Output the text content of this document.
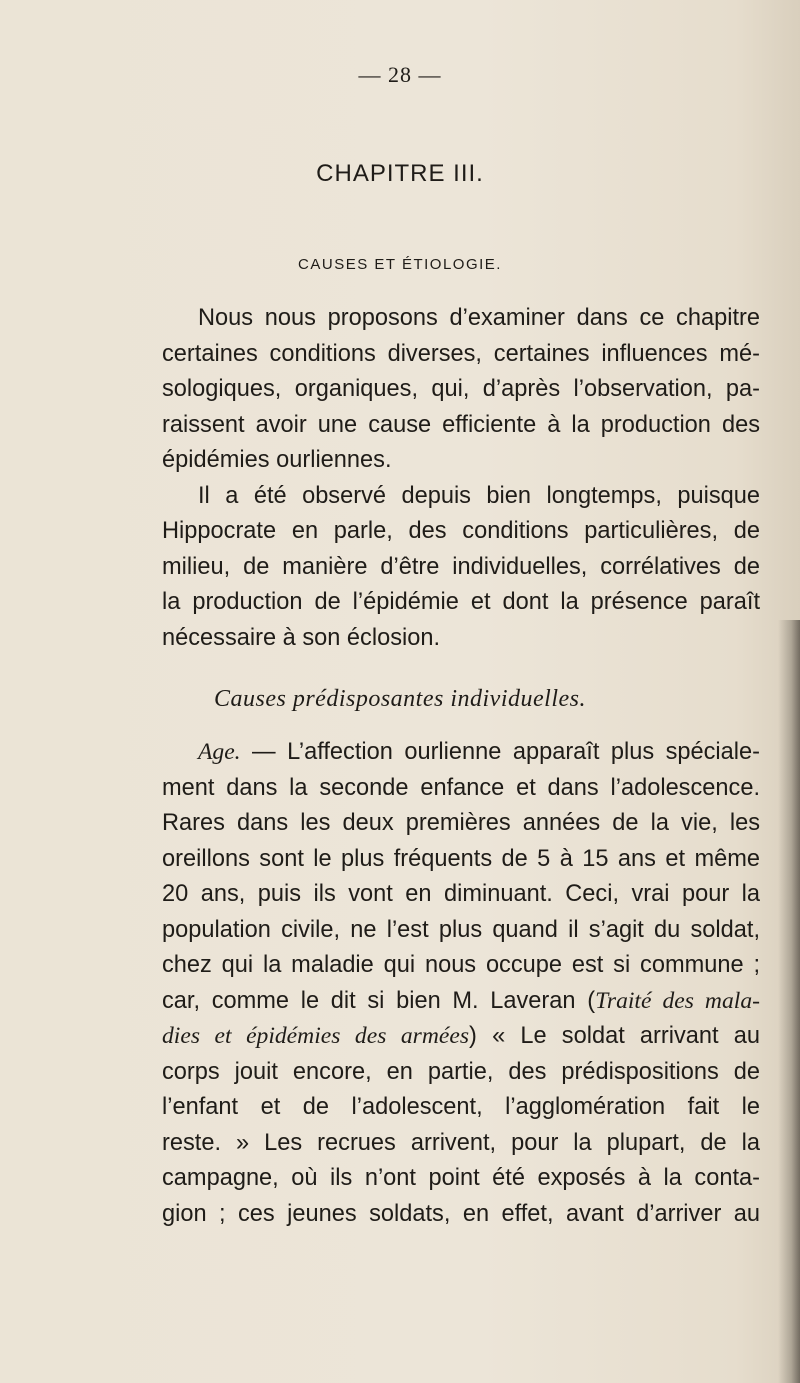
— 28 —
CHAPITRE III.
CAUSES ET ÉTIOLOGIE.
Nous nous proposons d’examiner dans ce chapitre
certaines conditions diverses, certaines influences mé-
sologiques, organiques, qui, d’après l’observation, pa-
raissent avoir une cause efficiente à la production des
épidémies ourliennes.
Il a été observé depuis bien longtemps, puisque
Hippocrate en parle, des conditions particulières, de
milieu, de manière d’être individuelles, corrélatives de
la production de l’épidémie et dont la présence paraît
nécessaire à son éclosion.
Age. — L’affection ourlienne apparaît plus spéciale-
ment dans la seconde enfance et dans l’adolescence.
Rares dans les deux premières années de la vie, les
oreillons sont le plus fréquents de 5 à 15 ans et même
20 ans, puis ils vont en diminuant. Ceci, vrai pour la
population civile, ne l’est plus quand il s’agit du soldat,
chez qui la maladie qui nous occupe est si commune ;
car, comme le dit si bien M. Laveran (Traité des mala-
dies et épidémies des armées) « Le soldat arrivant au
corps jouit encore, en partie, des prédispositions de
l’enfant et de l’adolescent, l’agglomération fait le
reste. » Les recrues arrivent, pour la plupart, de la
campagne, où ils n’ont point été exposés à la conta-
gion ; ces jeunes soldats, en effet, avant d’arriver au
Causes prédisposantes individuelles.
